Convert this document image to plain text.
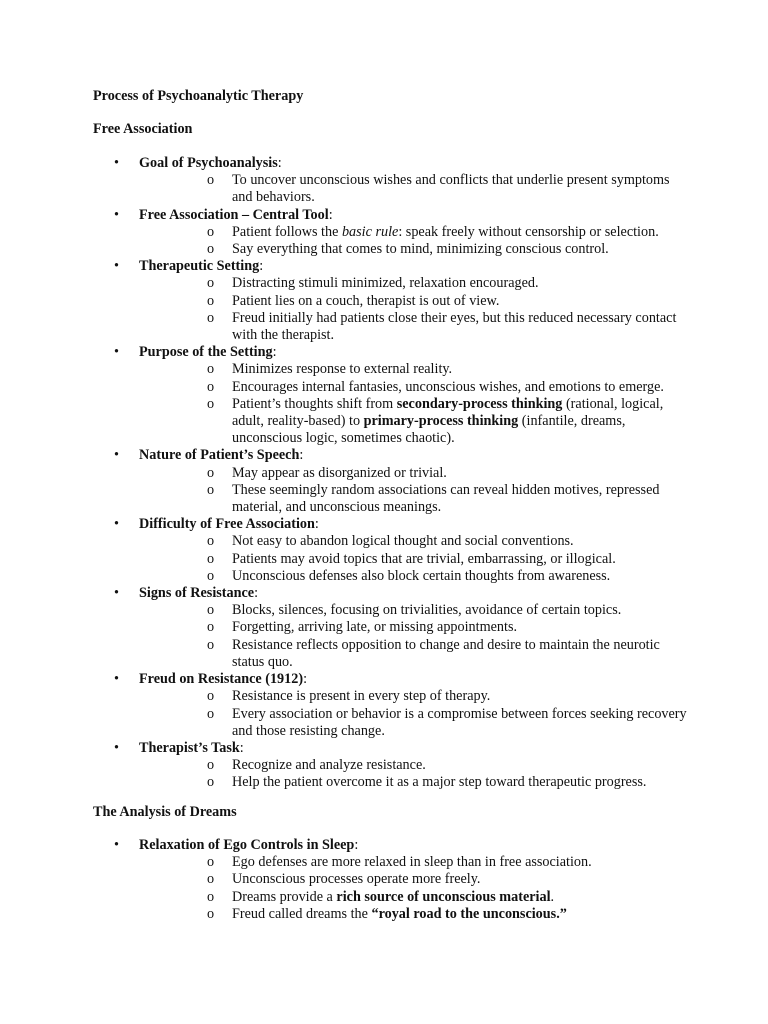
Process of Psychoanalytic Therapy
Free Association
• Goal of Psychoanalysis:
o To uncover unconscious wishes and conflicts that underlie present symptoms and behaviors.
• Free Association – Central Tool:
o Patient follows the basic rule: speak freely without censorship or selection.
o Say everything that comes to mind, minimizing conscious control.
• Therapeutic Setting:
o Distracting stimuli minimized, relaxation encouraged.
o Patient lies on a couch, therapist is out of view.
o Freud initially had patients close their eyes, but this reduced necessary contact with the therapist.
• Purpose of the Setting:
o Minimizes response to external reality.
o Encourages internal fantasies, unconscious wishes, and emotions to emerge.
o Patient’s thoughts shift from secondary-process thinking (rational, logical, adult, reality-based) to primary-process thinking (infantile, dreams, unconscious logic, sometimes chaotic).
• Nature of Patient’s Speech:
o May appear as disorganized or trivial.
o These seemingly random associations can reveal hidden motives, repressed material, and unconscious meanings.
• Difficulty of Free Association:
o Not easy to abandon logical thought and social conventions.
o Patients may avoid topics that are trivial, embarrassing, or illogical.
o Unconscious defenses also block certain thoughts from awareness.
• Signs of Resistance:
o Blocks, silences, focusing on trivialities, avoidance of certain topics.
o Forgetting, arriving late, or missing appointments.
o Resistance reflects opposition to change and desire to maintain the neurotic status quo.
• Freud on Resistance (1912):
o Resistance is present in every step of therapy.
o Every association or behavior is a compromise between forces seeking recovery and those resisting change.
• Therapist’s Task:
o Recognize and analyze resistance.
o Help the patient overcome it as a major step toward therapeutic progress.
The Analysis of Dreams
• Relaxation of Ego Controls in Sleep:
o Ego defenses are more relaxed in sleep than in free association.
o Unconscious processes operate more freely.
o Dreams provide a rich source of unconscious material.
o Freud called dreams the “royal road to the unconscious.”
